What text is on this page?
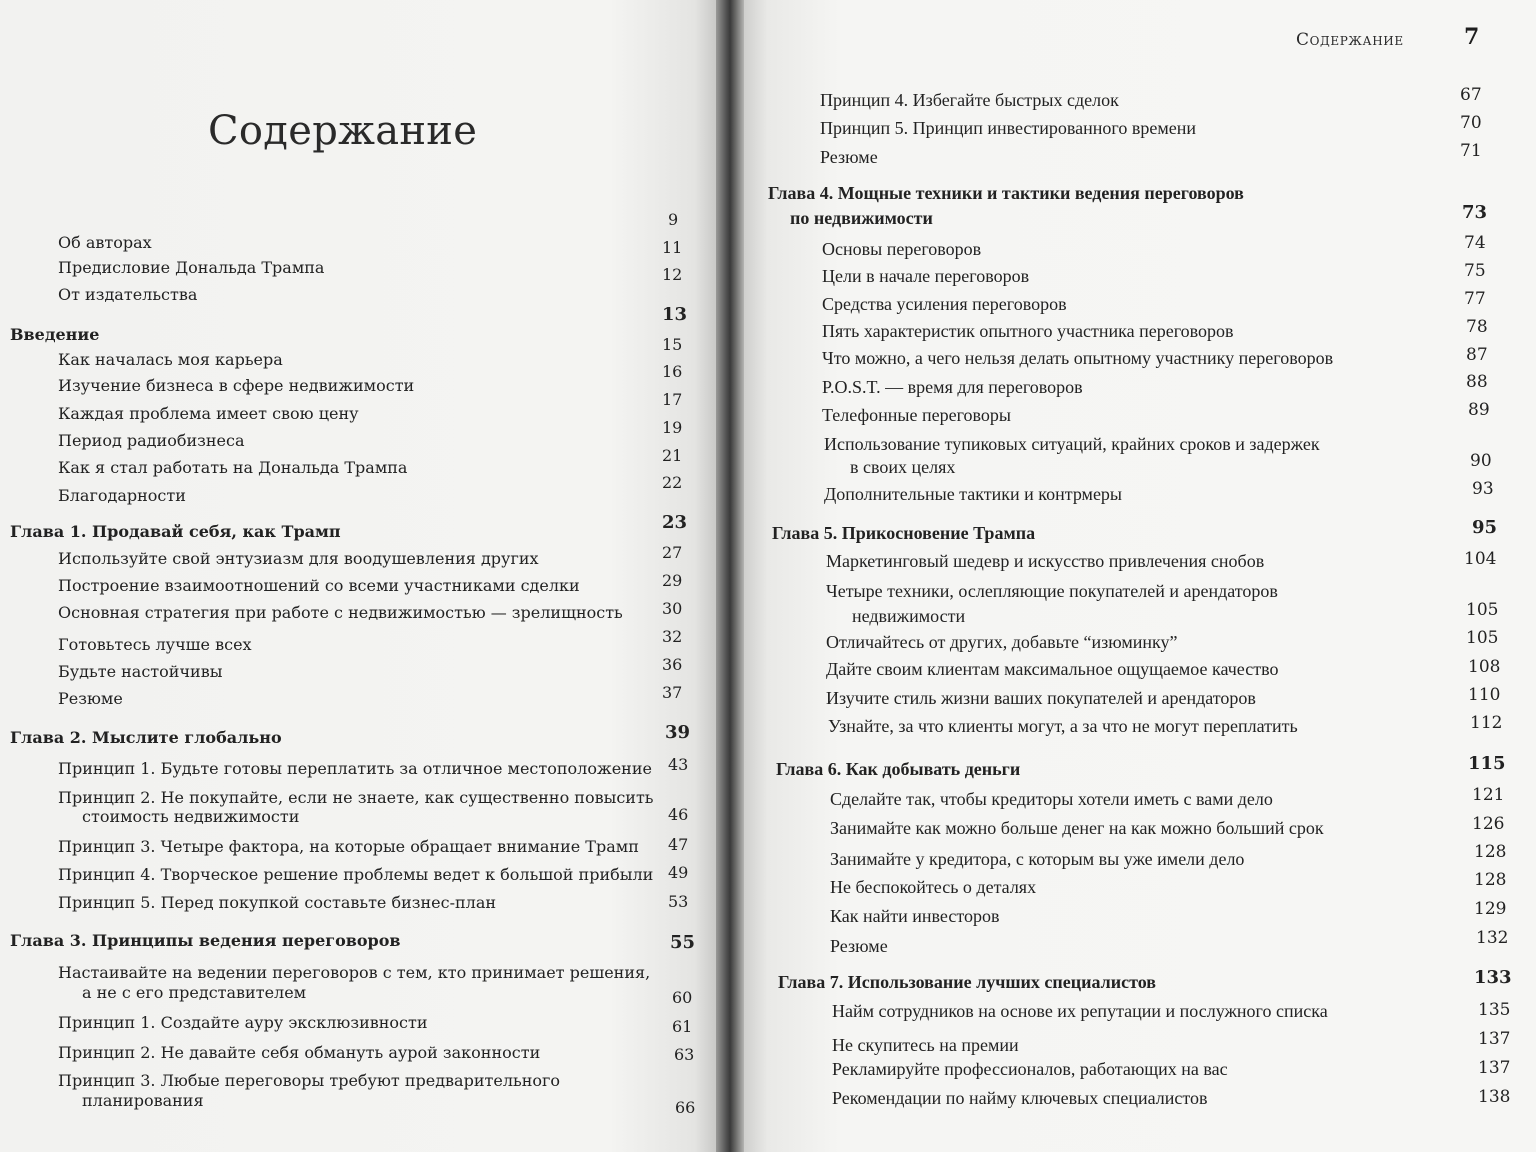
Содержание
Об авторах
Предисловие Дональда Трампа
От издательства
Введение
Как началась моя карьера
Изучение бизнеса в сфере недвижимости
Каждая проблема имеет свою цену
Период радиобизнеса
Как я стал работать на Дональда Трампа
Благодарности
Глава 1. Продавай себя, как Трамп
Используйте свой энтузиазм для воодушевления других
Построение взаимоотношений со всеми участниками сделки
Основная стратегия при работе с недвижимостью — зрелищность
Готовьтесь лучше всех
Будьте настойчивы
Резюме
Глава 2. Мыслите глобально
Принцип 1. Будьте готовы переплатить за отличное местоположение
Принцип 2. Не покупайте, если не знаете, как существенно повысить
стоимость недвижимости
Принцип 3. Четыре фактора, на которые обращает внимание Трамп
Принцип 4. Творческое решение проблемы ведет к большой прибыли
Принцип 5. Перед покупкой составьте бизнес-план
Глава 3. Принципы ведения переговоров
Настаивайте на ведении переговоров с тем, кто принимает решения,
а не с его представителем
Принцип 1. Создайте ауру эксклюзивности
Принцип 2. Не давайте себя обмануть аурой законности
Принцип 3. Любые переговоры требуют предварительного
планирования
9
11
12
13
15
16
17
19
21
22
23
27
29
30
32
36
37
39
43
46
47
49
53
55
60
61
63
66
Содержание	7
Принцип 4. Избегайте быстрых сделок
Принцип 5. Принцип инвестированного времени
Резюме
Глава 4. Мощные техники и тактики ведения переговоров
по недвижимости
Основы переговоров
Цели в начале переговоров
Средства усиления переговоров
Пять характеристик опытного участника переговоров
Что можно, а чего нельзя делать опытному участнику переговоров
P.O.S.T. — время для переговоров
Телефонные переговоры
Использование тупиковых ситуаций, крайних сроков и задержек
в своих целях
Дополнительные тактики и контрмеры
Глава 5. Прикосновение Трампа
Маркетинговый шедевр и искусство привлечения снобов
Четыре техники, ослепляющие покупателей и арендаторов
недвижимости
Отличайтесь от других, добавьте “изюминку”
Дайте своим клиентам максимальное ощущаемое качество
Изучите стиль жизни ваших покупателей и арендаторов
Узнайте, за что клиенты могут, а за что не могут переплатить
Глава 6. Как добывать деньги
Сделайте так, чтобы кредиторы хотели иметь с вами дело
Занимайте как можно больше денег на как можно больший срок
Занимайте у кредитора, с которым вы уже имели дело
Не беспокойтесь о деталях
Как найти инвесторов
Резюме
Глава 7. Использование лучших специалистов
Найм сотрудников на основе их репутации и послужного списка
Не скупитесь на премии
Рекламируйте профессионалов, работающих на вас
Рекомендации по найму ключевых специалистов
67
70
71
73
74
75
77
78
87
88
89
90
93
95
104
105
105
108
110
112
115
121
126
128
128
129
132
133
135
137
137
138
